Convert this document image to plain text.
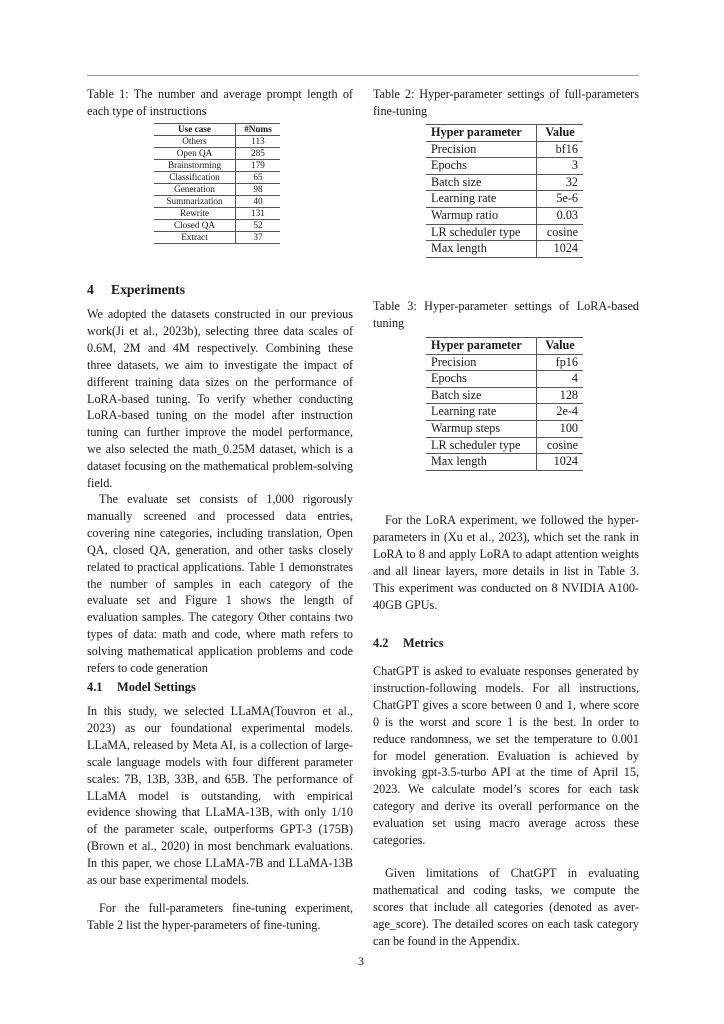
Table 1: The number and average prompt length of each type of instructions
Use case	#Nums
Others	113
Open QA	285
Brainstorming	179
Classification	65
Generation	98
Summarization	40
Rewrite	131
Closed QA	52
Extract	37
4 Experiments

We adopted the datasets constructed in our previous work(Ji et al., 2023b), selecting three data scales of 0.6M, 2M and 4M respectively. Combining these three datasets, we aim to investigate the impact of different training data sizes on the performance of LoRA-based tuning. To verify whether conducting LoRA-based tuning on the model after instruction tuning can further improve the model performance, we also selected the math_0.25M dataset, which is a dataset focusing on the mathematical problem-solving field.

The evaluate set consists of 1,000 rigorously manually screened and processed data entries, covering nine categories, including translation, Open QA, closed QA, generation, and other tasks closely related to practical applications. Table 1 demonstrates the number of samples in each category of the evaluate set and Figure 1 shows the length of evaluation samples. The category Other contains two types of data: math and code, where math refers to solving mathematical application problems and code refers to code generation

4.1 Model Settings

In this study, we selected LLaMA(Touvron et al., 2023) as our foundational experimental models. LLaMA, released by Meta AI, is a collection of large-scale language models with four different parameter scales: 7B, 13B, 33B, and 65B. The performance of LLaMA model is outstanding, with empirical evidence showing that LLaMA-13B, with only 1/10 of the parameter scale, outperforms GPT-3 (175B)(Brown et al., 2020) in most benchmark evaluations. In this paper, we chose LLaMA-7B and LLaMA-13B as our base experimental models.

For the full-parameters fine-tuning experiment, Table 2 list the hyper-parameters of fine-tuning.

Table 2: Hyper-parameter settings of full-parameters fine-tuning
Hyper parameter	Value
Precision	bf16
Epochs	3
Batch size	32
Learning rate	5e-6
Warmup ratio	0.03
LR scheduler type	cosine
Max length	1024
Table 3: Hyper-parameter settings of LoRA-based tuning
Hyper parameter	Value
Precision	fp16
Epochs	4
Batch size	128
Learning rate	2e-4
Warmup steps	100
LR scheduler type	cosine
Max length	1024

For the LoRA experiment, we followed the hyper-parameters in (Xu et al., 2023), which set the rank in LoRA to 8 and apply LoRA to adapt attention weights and all linear layers, more details in list in Table 3. This experiment was conducted on 8 NVIDIA A100-40GB GPUs.

4.2 Metrics

ChatGPT is asked to evaluate responses generated by instruction-following models. For all instructions, ChatGPT gives a score between 0 and 1, where score 0 is the worst and score 1 is the best. In order to reduce randomness, we set the temperature to 0.001 for model generation. Evaluation is achieved by invoking gpt-3.5-turbo API at the time of April 15, 2023. We calculate model’s scores for each task category and derive its overall performance on the evaluation set using macro average across these categories.

Given limitations of ChatGPT in evaluating mathematical and coding tasks, we compute the scores that include all categories (denoted as average_score). The detailed scores on each task category can be found in the Appendix.

3
